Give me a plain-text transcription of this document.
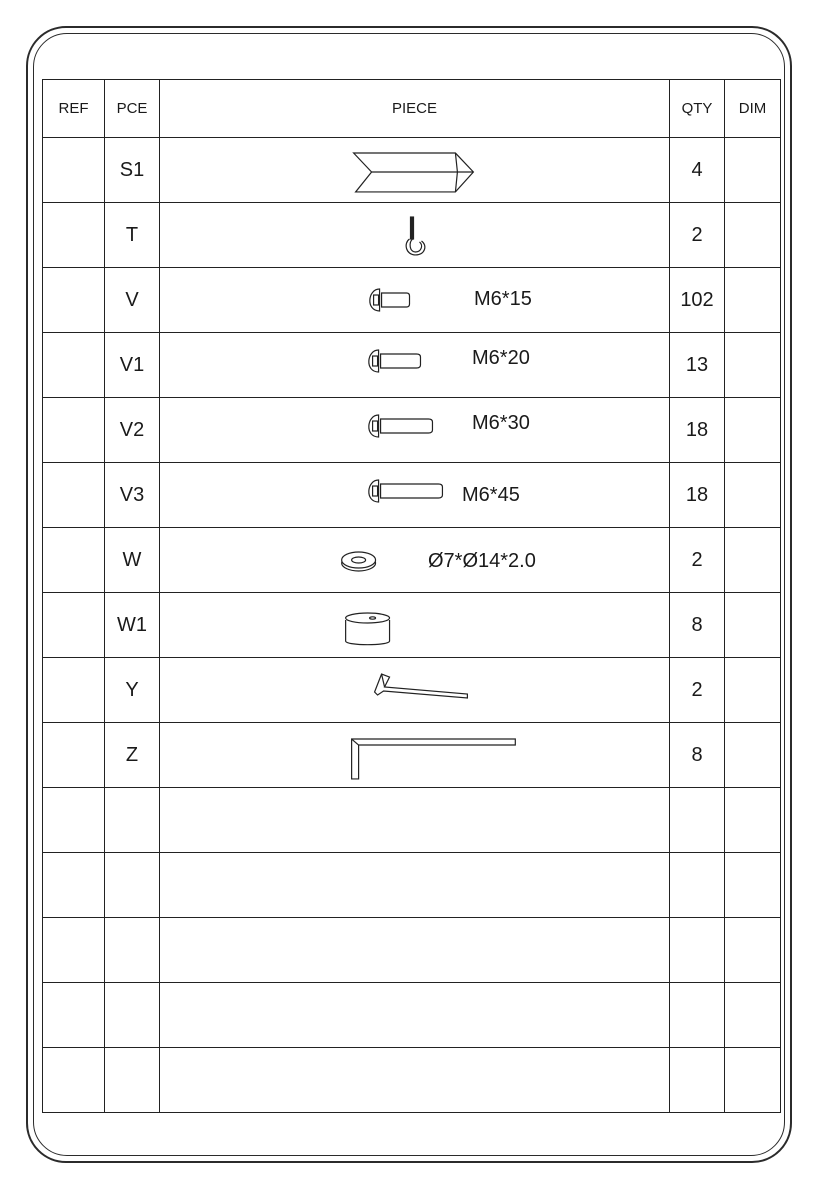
REF	PCE	PIECE	QTY	DIM
	S1		4	
	T		2	
	V	M6*15	102	
	V1	M6*20	13	
	V2	M6*30	18	
	V3	M6*45	18	
	W	Ø7*Ø14*2.0	2	
	W1		8	
	Y		2	
	Z		8	
